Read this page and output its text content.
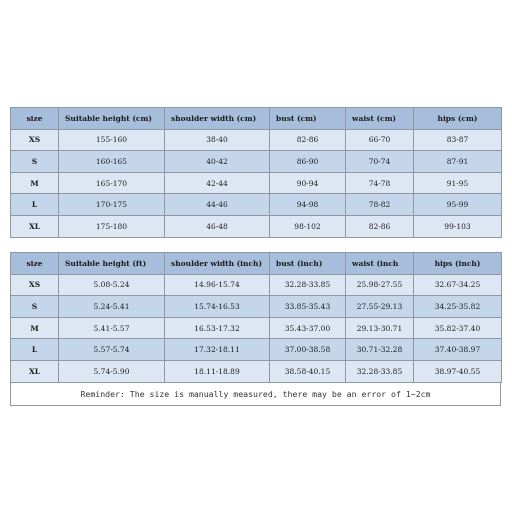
size	Suitable height (cm)	shoulder width (cm)	bust (cm)	waist (cm)	hips (cm)
XS	155-160	38-40	82-86	66-70	83-87
S	160-165	40-42	86-90	70-74	87-91
M	165-170	42-44	90-94	74-78	91-95
L	170-175	44-46	94-98	78-82	95-99
XL	175-180	46-48	98-102	82-86	99-103
size	Suitable height (ft)	shoulder width (inch)	bust (inch)	waist (inch	hips (inch)
XS	5.08-5.24	14.96-15.74	32.28-33.85	25.98-27.55	32.67-34.25
S	5.24-5.41	15.74-16.53	33.85-35.43	27.55-29.13	34.25-35.82
M	5.41-5.57	16.53-17.32	35.43-37.00	29.13-30.71	35.82-37.40
L	5.57-5.74	17.32-18.11	37.00-38.58	30.71-32.28	37.40-38.97
XL	5.74-5.90	18.11-18.89	38.58-40.15	32.28-33.85	38.97-40.55
Reminder: The size is manually measured, there may be an error of 1~2cm
